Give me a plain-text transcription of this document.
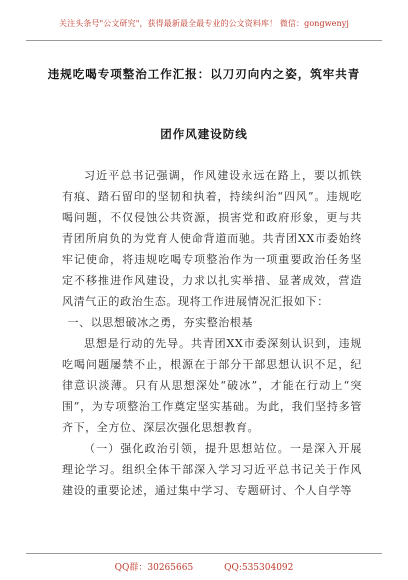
关注头条号"公文研究"，获得最新最全最专业的公文资料库！ 微信：gongwenyj
违规吃喝专项整治工作汇报：以刀刃向内之姿，筑牢共青
团作风建设防线

习近平总书记强调，作风建设永远在路上，要以抓铁有痕、踏石留印的坚韧和执着，持续纠治“四风”。违规吃喝问题，不仅侵蚀公共资源，损害党和政府形象，更与共青团所肩负的为党育人使命背道而驰。共青团XX市委始终牢记使命，将违规吃喝专项整治作为一项重要政治任务坚定不移推进作风建设，力求以扎实举措、显著成效，营造风清气正的政治生态。现将工作进展情况汇报如下：

一、以思想破冰之勇，夯实整治根基

思想是行动的先导。共青团XX市委深刻认识到，违规吃喝问题屡禁不止，根源在于部分干部思想认识不足，纪律意识淡薄。只有从思想深处“破冰”，才能在行动上“突围”，为专项整治工作奠定坚实基础。为此，我们坚持多管齐下，全方位、深层次强化思想教育。

（一）强化政治引领，提升思想站位。一是深入开展理论学习。组织全体干部深入学习习近平总书记关于作风建设的重要论述，通过集中学习、专题研讨、个人自学等

QQ群：30265665	QQ:535304092
